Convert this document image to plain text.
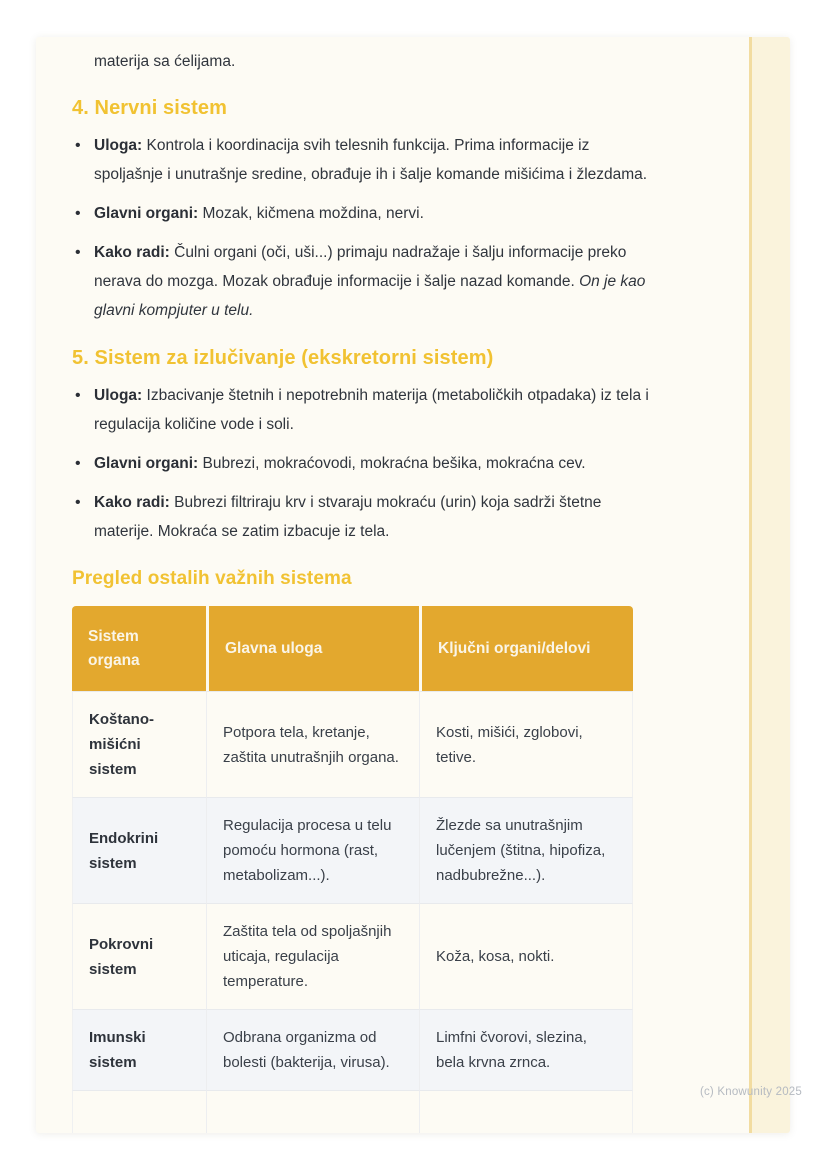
materija sa ćelijama.

4. Nervni sistem
• Uloga: Kontrola i koordinacija svih telesnih funkcija. Prima informacije iz spoljašnje i unutrašnje sredine, obrađuje ih i šalje komande mišićima i žlezdama.
• Glavni organi: Mozak, kičmena moždina, nervi.
• Kako radi: Čulni organi (oči, uši...) primaju nadražaje i šalju informacije preko nerava do mozga. Mozak obrađuje informacije i šalje nazad komande. On je kao glavni kompjuter u telu.
5. Sistem za izlučivanje (ekskretorni sistem)
• Uloga: Izbacivanje štetnih i nepotrebnih materija (metaboličkih otpadaka) iz tela i regulacija količine vode i soli.
• Glavni organi: Bubrezi, mokraćovodi, mokraćna bešika, mokraćna cev.
• Kako radi: Bubrezi filtriraju krv i stvaraju mokraću (urin) koja sadrži štetne materije. Mokraća se zatim izbacuje iz tela.
Pregled ostalih važnih sistema
Sistem organa	Glavna uloga	Ključni organi/delovi
Koštano-mišićni sistem	Potpora tela, kretanje, zaštita unutrašnjih organa.	Kosti, mišići, zglobovi, tetive.
Endokrini sistem	Regulacija procesa u telu pomoću hormona (rast, metabolizam...).	Žlezde sa unutrašnjim lučenjem (štitna, hipofiza, nadbubrežne...).
Pokrovni sistem	Zaštita tela od spoljašnjih uticaja, regulacija temperature.	Koža, kosa, nokti.
Imunski sistem	Odbrana organizma od bolesti (bakterija, virusa).	Limfni čvorovi, slezina, bela krvna zrnca.

(c) Knowunity 2025
